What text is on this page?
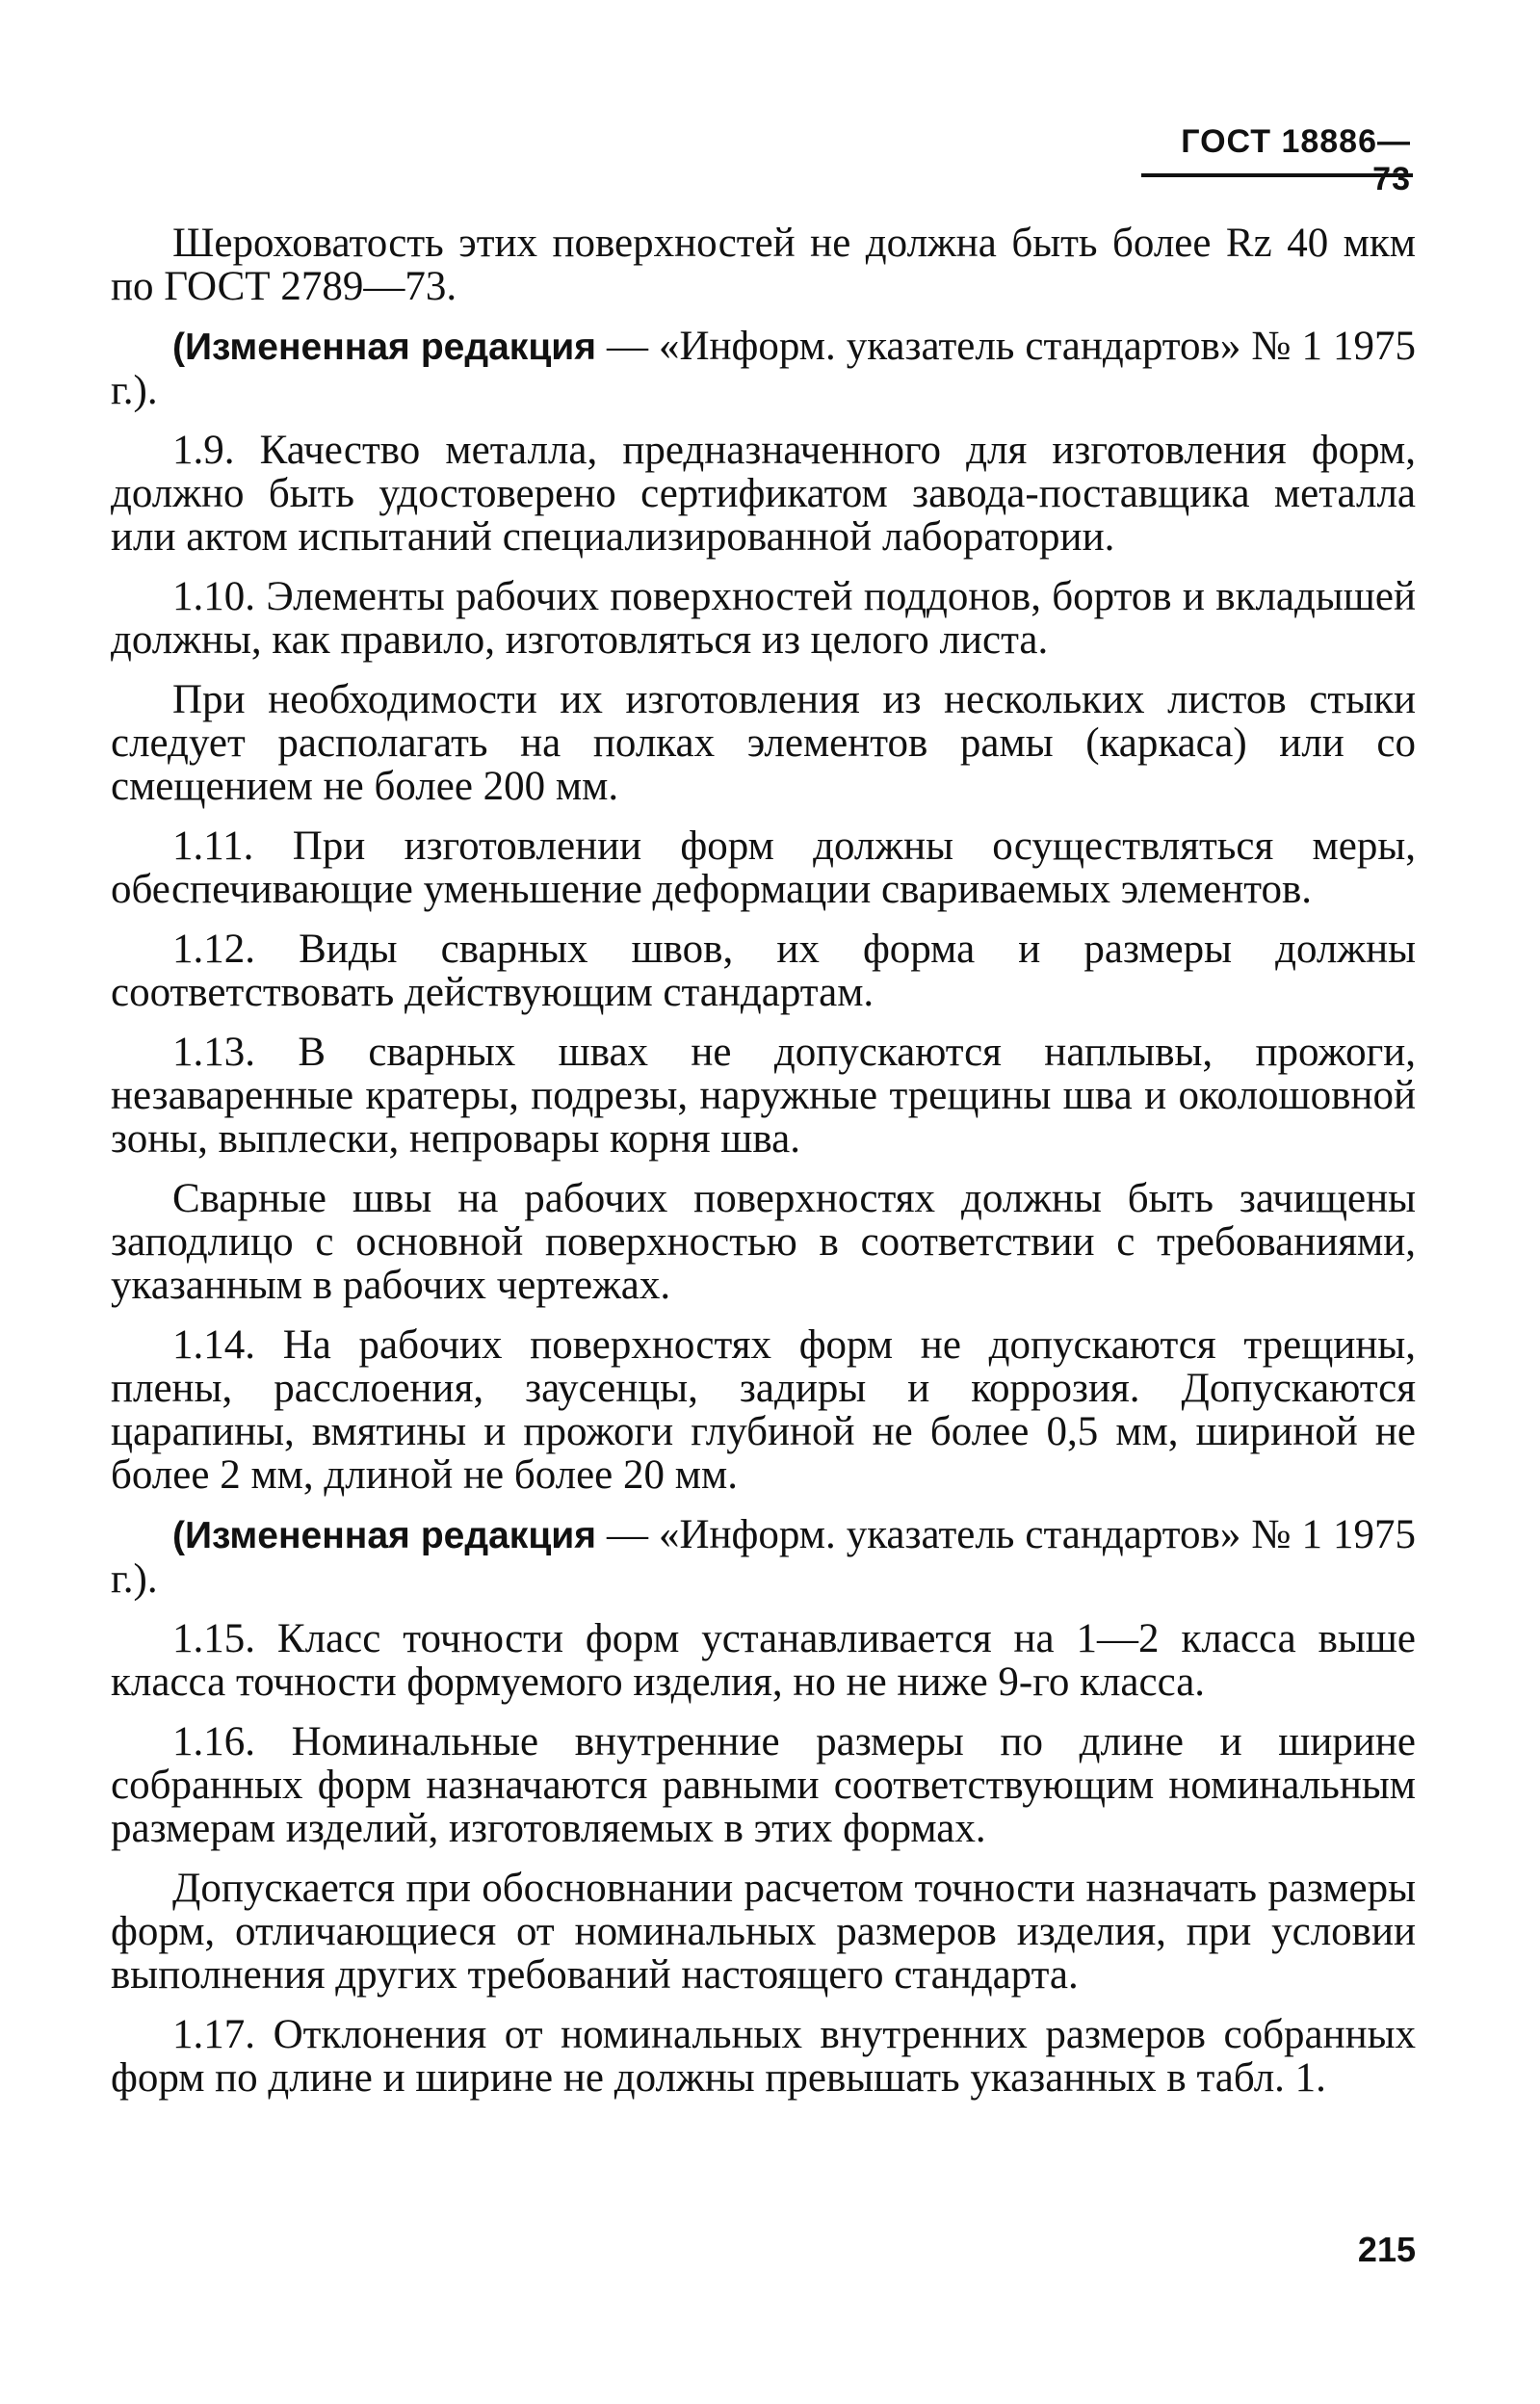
ГОСТ 18886—73

Шероховатость этих поверхностей не должна быть более Rz 40 мкм по ГОСТ 2789—73.

(Измененная редакция — «Информ. указатель стандартов» № 1 1975 г.).

1.9. Качество металла, предназначенного для изготовления форм, должно быть удостоверено сертификатом завода-поставщика металла или актом испытаний специализированной лаборатории.

1.10. Элементы рабочих поверхностей поддонов, бортов и вкладышей должны, как правило, изготовляться из целого листа.

При необходимости их изготовления из нескольких листов стыки следует располагать на полках элементов рамы (каркаса) или со смещением не более 200 мм.

1.11. При изготовлении форм должны осуществляться меры, обеспечивающие уменьшение деформации свариваемых элементов.

1.12. Виды сварных швов, их форма и размеры должны соответствовать действующим стандартам.

1.13. В сварных швах не допускаются наплывы, прожоги, незаваренные кратеры, подрезы, наружные трещины шва и околошовной зоны, выплески, непровары корня шва.

Сварные швы на рабочих поверхностях должны быть зачищены заподлицо с основной поверхностью в соответствии с требованиями, указанным в рабочих чертежах.

1.14. На рабочих поверхностях форм не допускаются трещины, плены, расслоения, заусенцы, задиры и коррозия. Допускаются царапины, вмятины и прожоги глубиной не более 0,5 мм, шириной не более 2 мм, длиной не более 20 мм.

(Измененная редакция — «Информ. указатель стандартов» № 1 1975 г.).

1.15. Класс точности форм устанавливается на 1—2 класса выше класса точности формуемого изделия, но не ниже 9-го класса.

1.16. Номинальные внутренние размеры по длине и ширине собранных форм назначаются равными соответствующим номинальным размерам изделий, изготовляемых в этих формах.

Допускается при обосновнании расчетом точности назначать размеры форм, отличающиеся от номинальных размеров изделия, при условии выполнения других требований настоящего стандарта.

1.17. Отклонения от номинальных внутренних размеров собранных форм по длине и ширине не должны превышать указанных в табл. 1.

215
